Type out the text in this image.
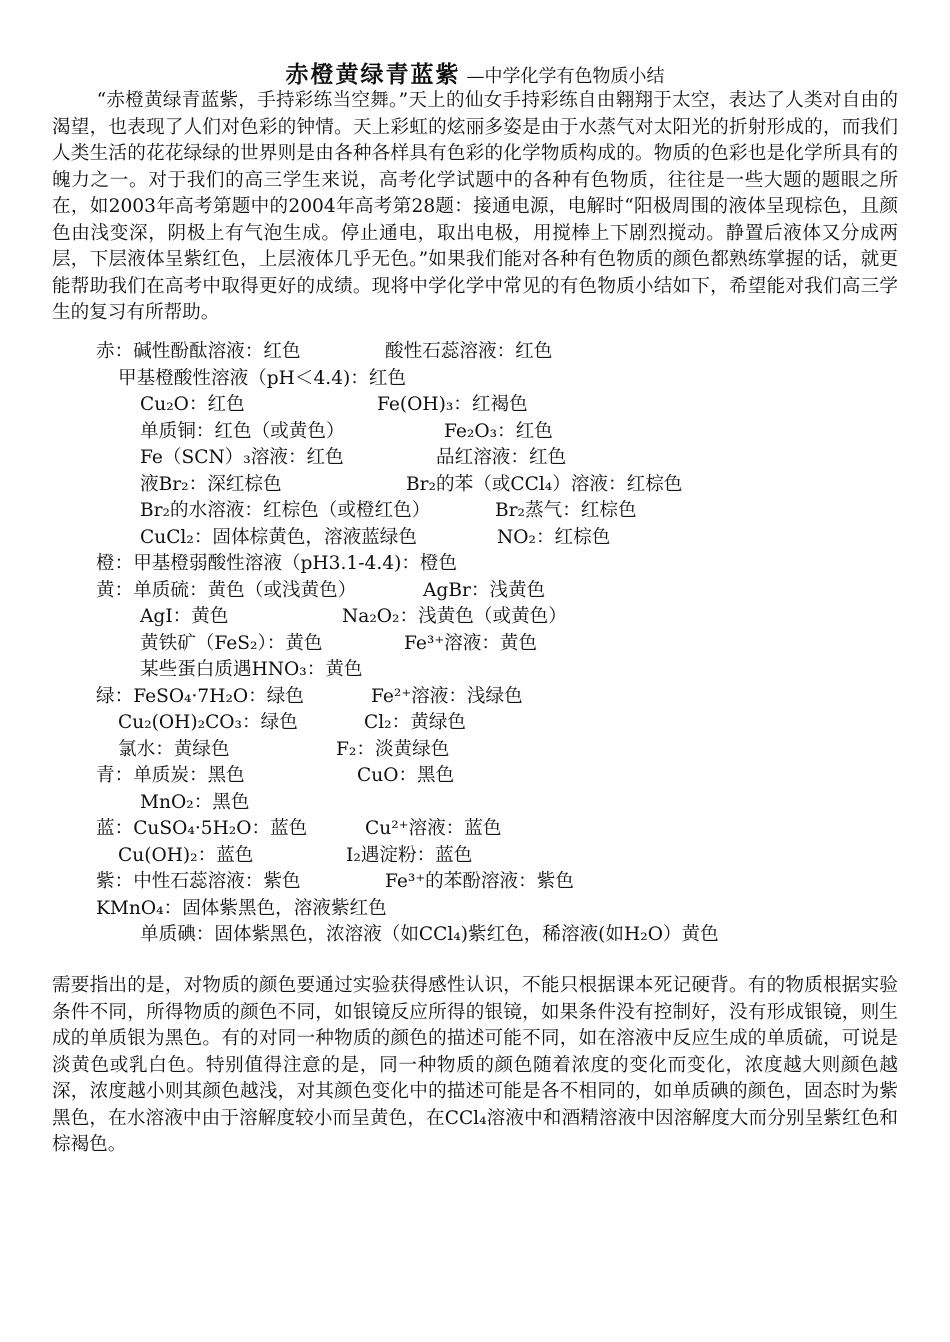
赤橙黄绿青蓝紫 —中学化学有色物质小结
“赤橙黄绿青蓝紫，手持彩练当空舞。”天上的仙女手持彩练自由翱翔于太空，表达了人类对自由的渴望，也表现了人们对色彩的钟情。天上彩虹的炫丽多姿是由于水蒸气对太阳光的折射形成的，而我们人类生活的花花绿绿的世界则是由各种各样具有色彩的化学物质构成的。物质的色彩也是化学所具有的魄力之一。对于我们的高三学生来说，高考化学试题中的各种有色物质，往往是一些大题的题眼之所在，如2003年高考第题中的2004年高考第28题：接通电源，电解时“阳极周围的液体呈现棕色，且颜色由浅变深，阴极上有气泡生成。停止通电，取出电极，用搅棒上下剧烈搅动。静置后液体又分成两层，下层液体呈紫红色，上层液体几乎无色。”如果我们能对各种有色物质的颜色都熟练掌握的话，就更能帮助我们在高考中取得更好的成绩。现将中学化学中常见的有色物质小结如下，希望能对我们高三学生的复习有所帮助。
赤：碱性酚酞溶液：红色	酸性石蕊溶液：红色
甲基橙酸性溶液（pH＜4.4)：红色
Cu₂O：红色	Fe(OH)₃：红褐色
单质铜：红色（或黄色）	Fe₂O₃：红色
Fe（SCN）₃溶液：红色	品红溶液：红色
液Br₂：深红棕色	Br₂的苯（或CCl₄）溶液：红棕色
Br₂的水溶液：红棕色（或橙红色）	Br₂蒸气：红棕色
CuCl₂：固体棕黄色，溶液蓝绿色	NO₂：红棕色
橙：甲基橙弱酸性溶液（pH3.1-4.4)：橙色
黄：单质硫：黄色（或浅黄色）	AgBr：浅黄色
AgI：黄色	Na₂O₂：浅黄色（或黄色）
黄铁矿（FeS₂）：黄色	Fe³⁺溶液：黄色
某些蛋白质遇HNO₃：黄色
绿：FeSO₄·7H₂O：绿色	Fe²⁺溶液：浅绿色
Cu₂(OH)₂CO₃：绿色	Cl₂：黄绿色
氯水：黄绿色	F₂：淡黄绿色
青：单质炭：黑色	CuO：黑色
MnO₂：黑色
蓝：CuSO₄·5H₂O：蓝色	Cu²⁺溶液：蓝色
Cu(OH)₂：蓝色	I₂遇淀粉：蓝色
紫：中性石蕊溶液：紫色	Fe³⁺的苯酚溶液：紫色
KMnO₄：固体紫黑色，溶液紫红色
单质碘：固体紫黑色，浓溶液（如CCl₄)紫红色，稀溶液(如H₂O）黄色
需要指出的是，对物质的颜色要通过实验获得感性认识，不能只根据课本死记硬背。有的物质根据实验条件不同，所得物质的颜色不同，如银镜反应所得的银镜，如果条件没有控制好，没有形成银镜，则生成的单质银为黑色。有的对同一种物质的颜色的描述可能不同，如在溶液中反应生成的单质硫，可说是淡黄色或乳白色。特别值得注意的是，同一种物质的颜色随着浓度的变化而变化，浓度越大则颜色越深，浓度越小则其颜色越浅，对其颜色变化中的描述可能是各不相同的，如单质碘的颜色，固态时为紫黑色，在水溶液中由于溶解度较小而呈黄色，在CCl₄溶液中和酒精溶液中因溶解度大而分别呈紫红色和棕褐色。
